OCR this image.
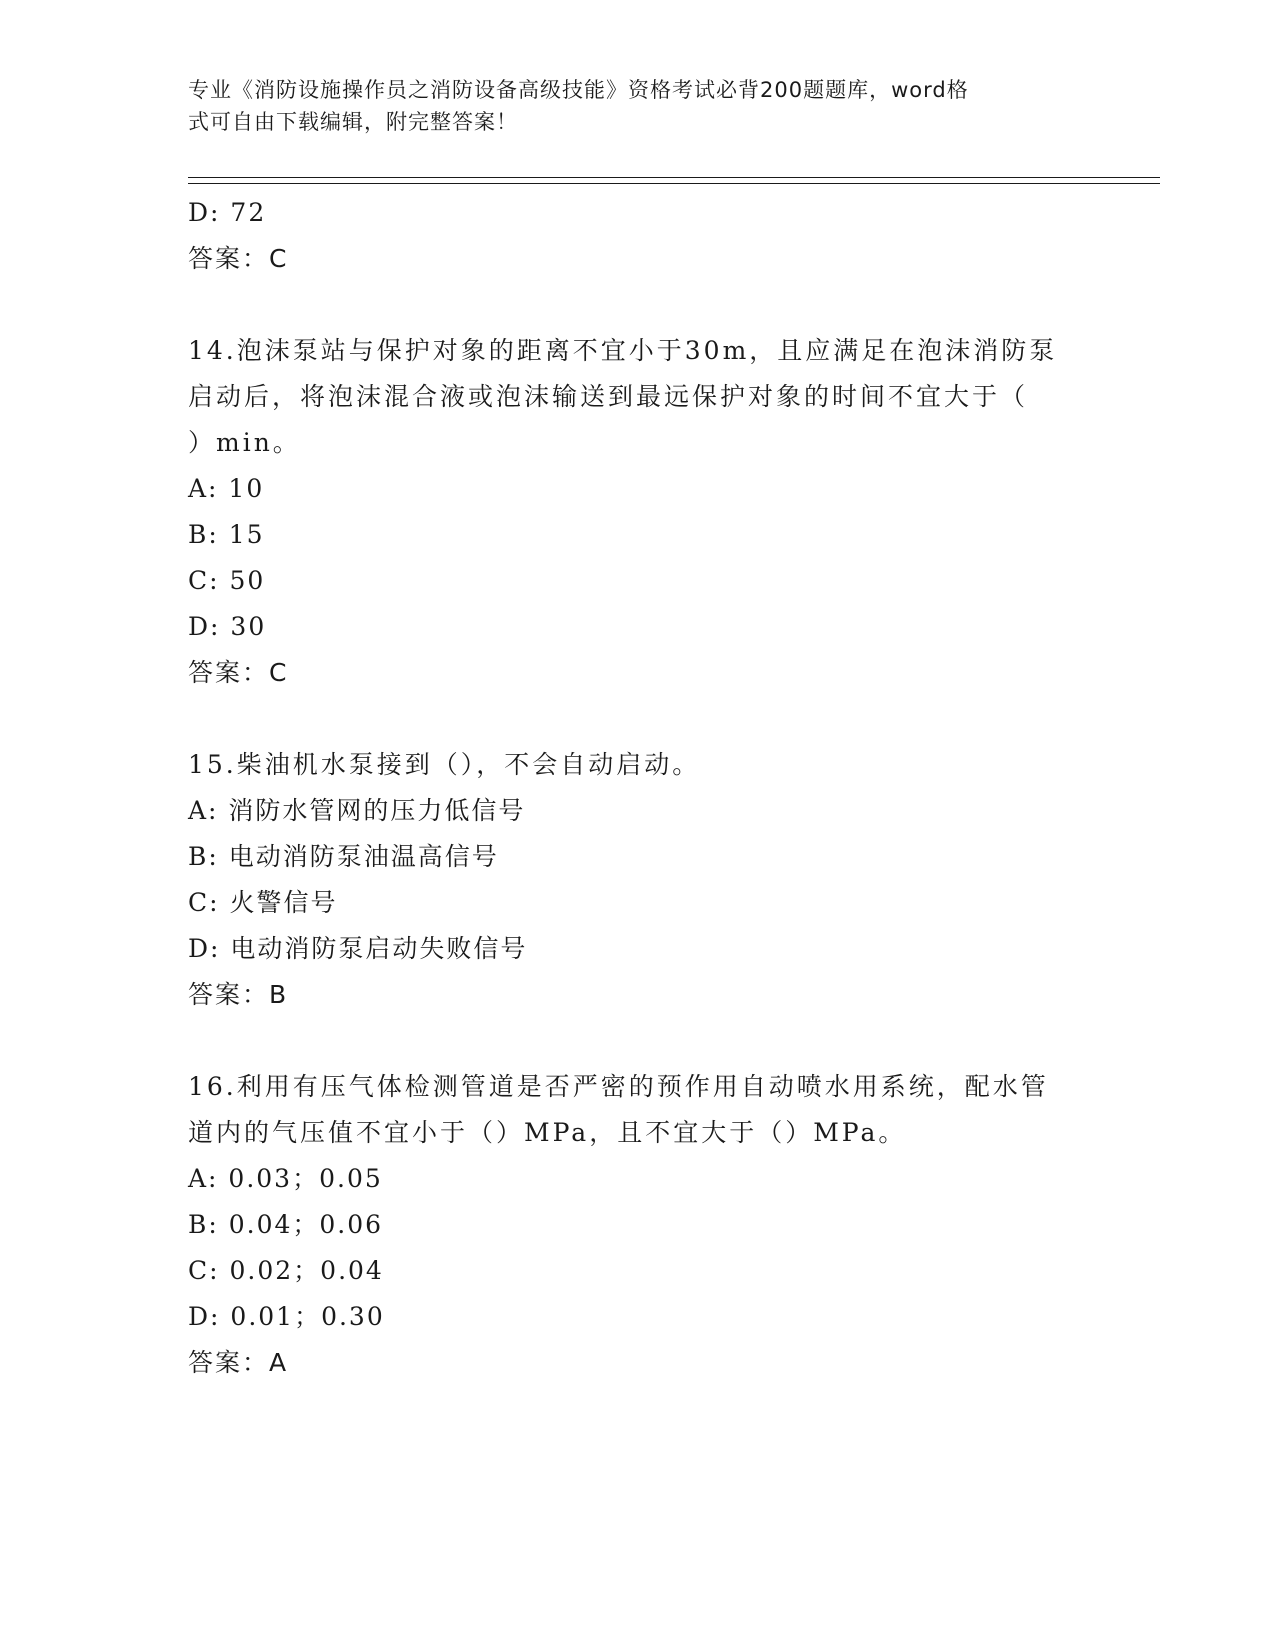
专业《消防设施操作员之消防设备高级技能》资格考试必背200题题库，word格
式可自由下载编辑，附完整答案！
D: 72
答案：C
14.泡沫泵站与保护对象的距离不宜小于30m，且应满足在泡沫消防泵
启动后，将泡沫混合液或泡沫输送到最远保护对象的时间不宜大于（
）min。
A: 10
B: 15
C: 50
D: 30
答案：C
15.柴油机水泵接到（），不会自动启动。
A: 消防水管网的压力低信号
B: 电动消防泵油温高信号
C: 火警信号
D: 电动消防泵启动失败信号
答案：B
16.利用有压气体检测管道是否严密的预作用自动喷水用系统，配水管
道内的气压值不宜小于（）MPa，且不宜大于（）MPa。
A: 0.03；0.05
B: 0.04；0.06
C: 0.02；0.04
D: 0.01；0.30
答案：A
